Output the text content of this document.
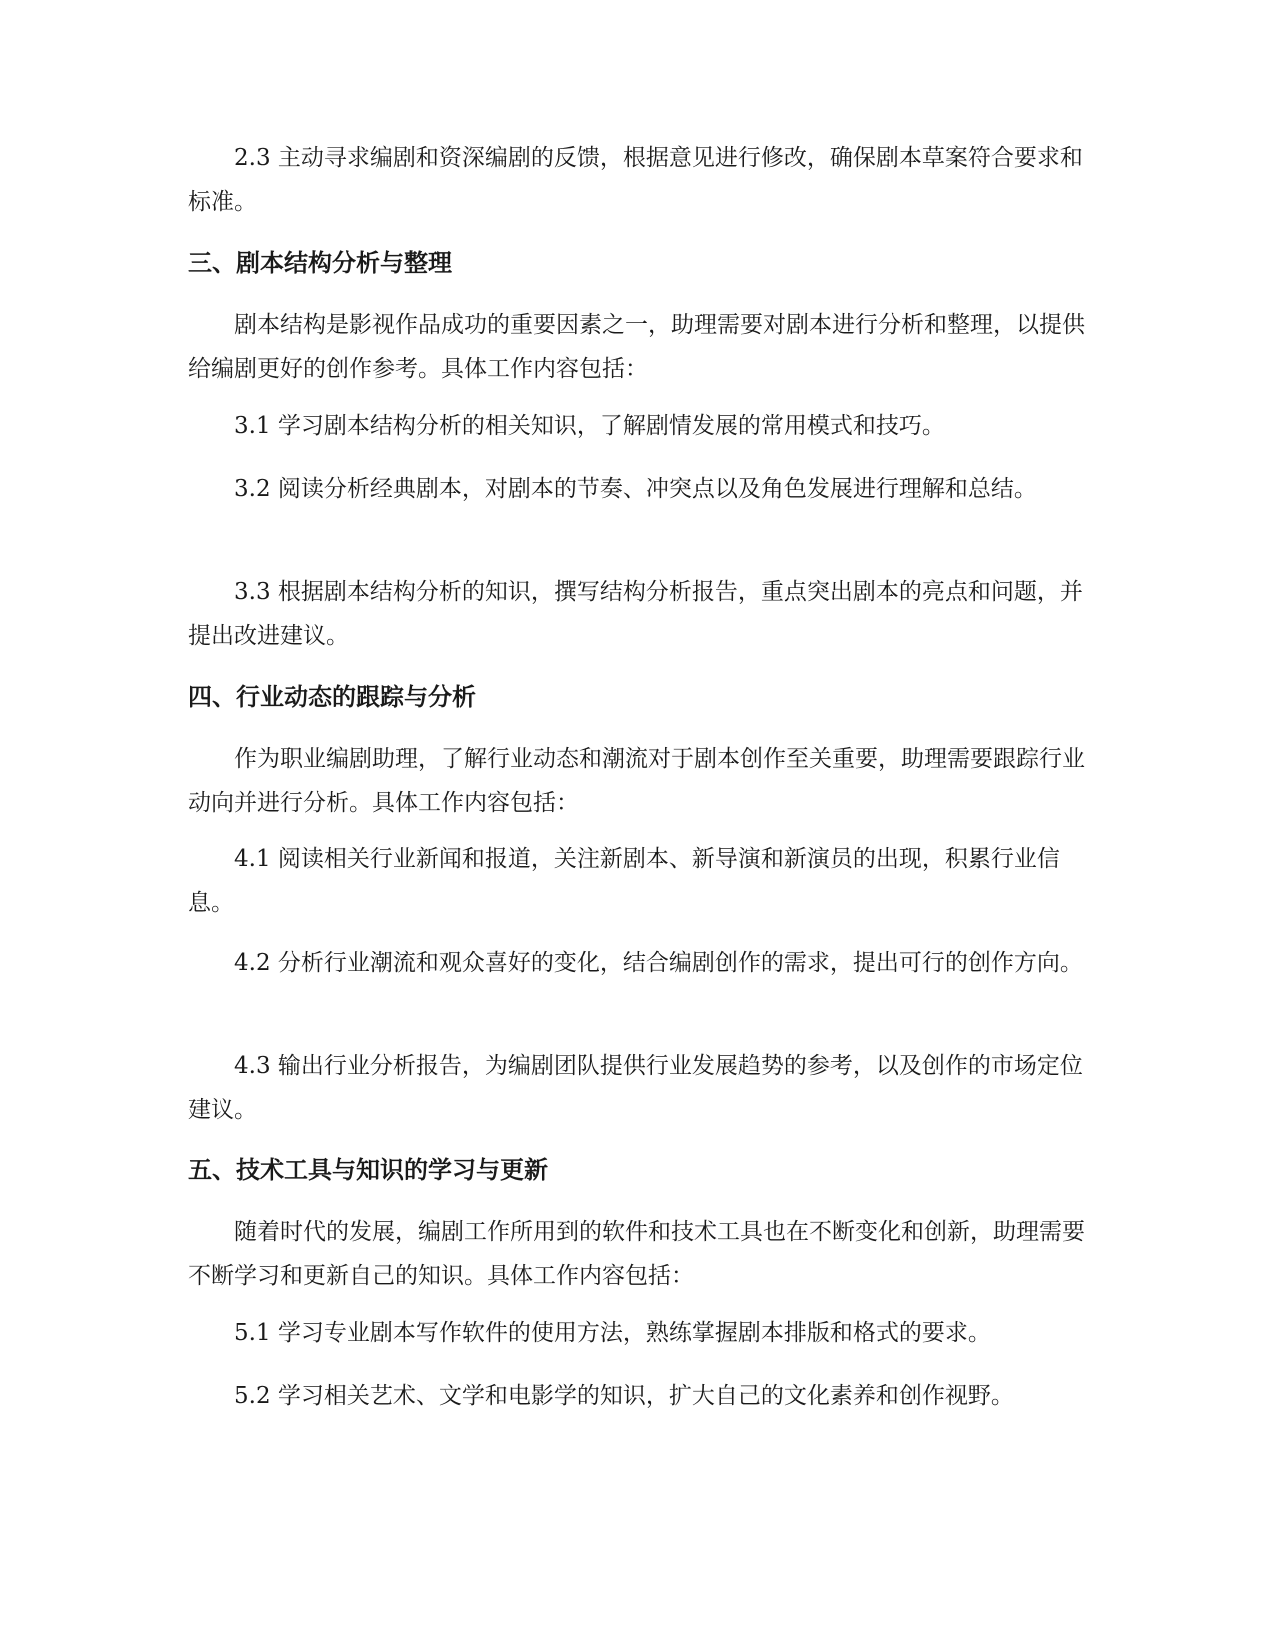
2.3 主动寻求编剧和资深编剧的反馈，根据意见进行修改，确保剧本草案符合要求和标准。

三、剧本结构分析与整理

剧本结构是影视作品成功的重要因素之一，助理需要对剧本进行分析和整理，以提供给编剧更好的创作参考。具体工作内容包括：

3.1 学习剧本结构分析的相关知识，了解剧情发展的常用模式和技巧。

3.2 阅读分析经典剧本，对剧本的节奏、冲突点以及角色发展进行理解和总结。

3.3 根据剧本结构分析的知识，撰写结构分析报告，重点突出剧本的亮点和问题，并提出改进建议。

四、行业动态的跟踪与分析

作为职业编剧助理，了解行业动态和潮流对于剧本创作至关重要，助理需要跟踪行业动向并进行分析。具体工作内容包括：

4.1 阅读相关行业新闻和报道，关注新剧本、新导演和新演员的出现，积累行业信息。

4.2 分析行业潮流和观众喜好的变化，结合编剧创作的需求，提出可行的创作方向。

4.3 输出行业分析报告，为编剧团队提供行业发展趋势的参考，以及创作的市场定位建议。

五、技术工具与知识的学习与更新

随着时代的发展，编剧工作所用到的软件和技术工具也在不断变化和创新，助理需要不断学习和更新自己的知识。具体工作内容包括：

5.1 学习专业剧本写作软件的使用方法，熟练掌握剧本排版和格式的要求。

5.2 学习相关艺术、文学和电影学的知识，扩大自己的文化素养和创作视野。
